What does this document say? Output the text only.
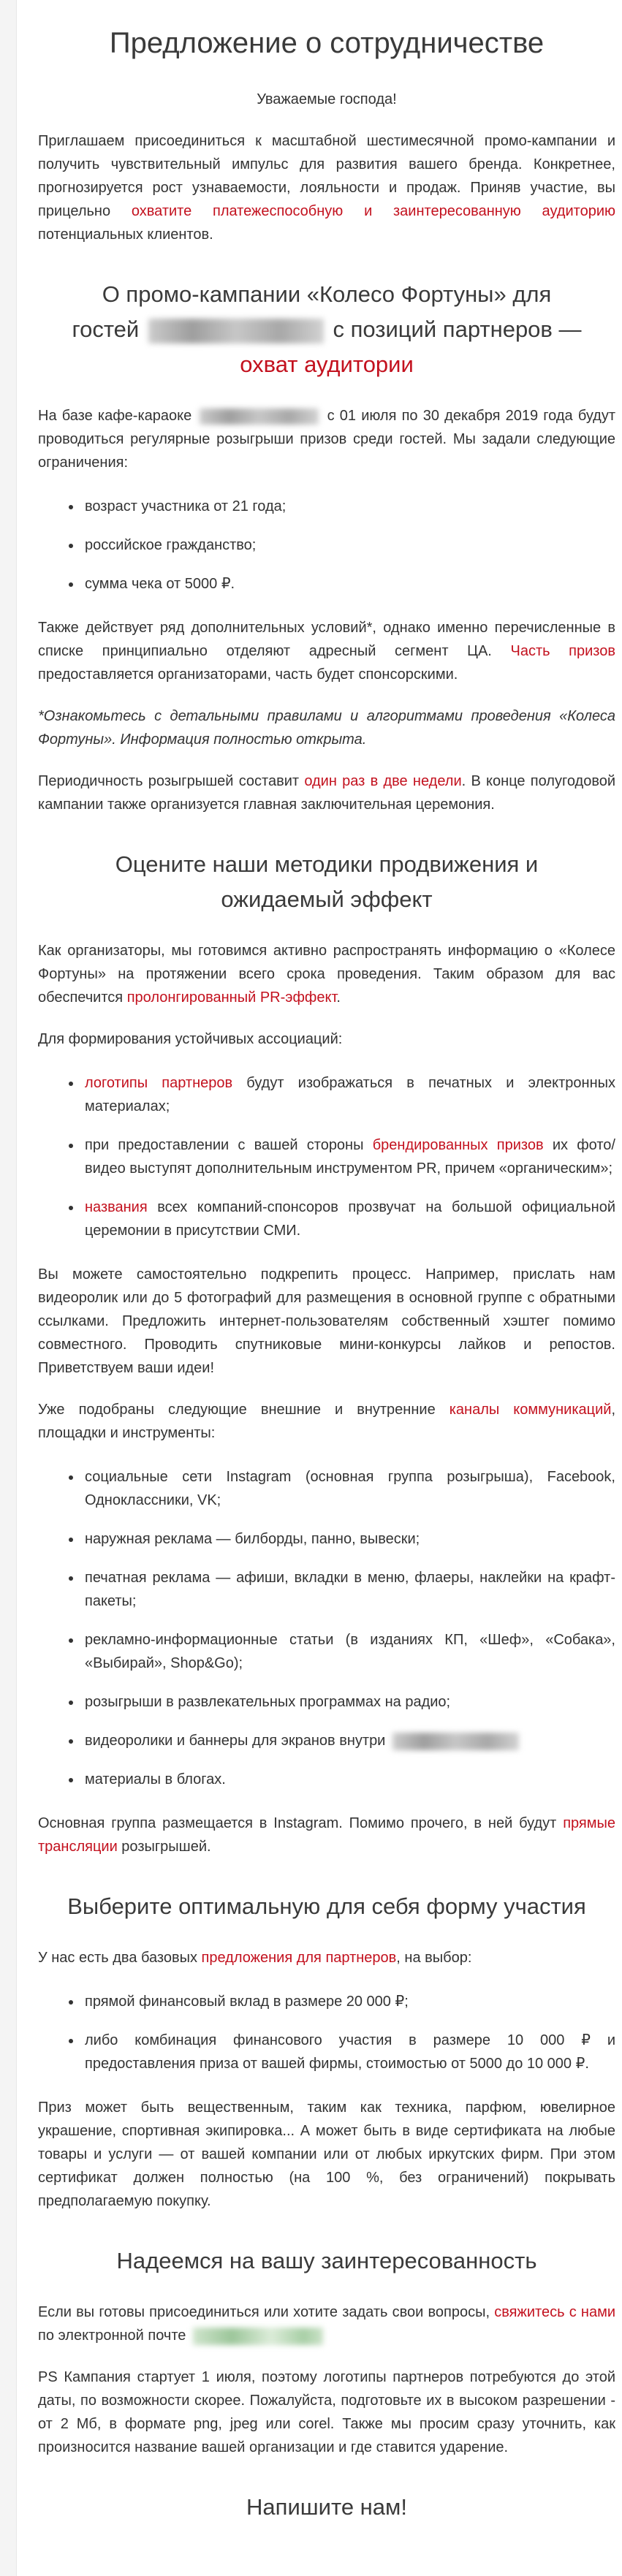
Предложение о сотрудничестве

Уважаемые господа!

Приглашаем присоединиться к масштабной шестимесячной промо-кампании и получить чувствительный импульс для развития вашего бренда. Конкретнее, прогнозируется рост узнаваемости, лояльности и продаж. Приняв участие, вы прицельно охватите платежеспособную и заинтересованную аудиторию потенциальных клиентов.

О промо-кампании «Колесо Фортуны» для гостей	с позиций партнеров — охват аудитории

На базе кафе-караоке	с 01 июля по 30 декабря 2019 года будут проводиться регулярные розыгрыши призов среди гостей. Мы задали следующие ограничения:

• возраст участника от 21 года;
• российское гражданство;
• сумма чека от 5000 ₽.

Также действует ряд дополнительных условий*, однако именно перечисленные в списке принципиально отделяют адресный сегмент ЦА. Часть призов предоставляется организаторами, часть будет спонсорскими.

*Ознакомьтесь с детальными правилами и алгоритмами проведения «Колеса Фортуны». Информация полностью открыта.

Периодичность розыгрышей составит один раз в две недели. В конце полугодовой кампании также организуется главная заключительная церемония.

Оцените наши методики продвижения и ожидаемый эффект

Как организаторы, мы готовимся активно распространять информацию о «Колесе Фортуны» на протяжении всего срока проведения. Таким образом для вас обеспечится пролонгированный PR-эффект.

Для формирования устойчивых ассоциаций:

• логотипы партнеров будут изображаться в печатных и электронных материалах;
• при предоставлении с вашей стороны брендированных призов их фото/видео выступят дополнительным инструментом PR, причем «органическим»;
• названия всех компаний-спонсоров прозвучат на большой официальной церемонии в присутствии СМИ.

Вы можете самостоятельно подкрепить процесс. Например, прислать нам видеоролик или до 5 фотографий для размещения в основной группе с обратными ссылками. Предложить интернет-пользователям собственный хэштег помимо совместного. Проводить спутниковые мини-конкурсы лайков и репостов. Приветствуем ваши идеи!

Уже подобраны следующие внешние и внутренние каналы коммуникаций, площадки и инструменты:

• социальные сети Instagram (основная группа розыгрыша), Facebook, Одноклассники, VK;
• наружная реклама — билборды, панно, вывески;
• печатная реклама — афиши, вкладки в меню, флаеры, наклейки на крафт-пакеты;
• рекламно-информационные статьи (в изданиях КП, «Шеф», «Собака», «Выбирай», Shop&Go);
• розыгрыши в развлекательных программах на радио;
• видеоролики и баннеры для экранов внутри
• материалы в блогах.

Основная группа размещается в Instagram. Помимо прочего, в ней будут прямые трансляции розыгрышей.

Выберите оптимальную для себя форму участия

У нас есть два базовых предложения для партнеров, на выбор:

• прямой финансовый вклад в размере 20 000 ₽;
• либо комбинация финансового участия в размере 10 000 ₽ и предоставления приза от вашей фирмы, стоимостью от 5000 до 10 000 ₽.

Приз может быть вещественным, таким как техника, парфюм, ювелирное украшение, спортивная экипировка... А может быть в виде сертификата на любые товары и услуги — от вашей компании или от любых иркутских фирм. При этом сертификат должен полностью (на 100 %, без ограничений) покрывать предполагаемую покупку.

Надеемся на вашу заинтересованность

Если вы готовы присоединиться или хотите задать свои вопросы, свяжитесь с нами по электронной почте

PS Кампания стартует 1 июля, поэтому логотипы партнеров потребуются до этой даты, по возможности скорее. Пожалуйста, подготовьте их в высоком разрешении - от 2 Мб, в формате png, jpeg или corel. Также мы просим сразу уточнить, как произносится название вашей организации и где ставится ударение.

Напишите нам!
